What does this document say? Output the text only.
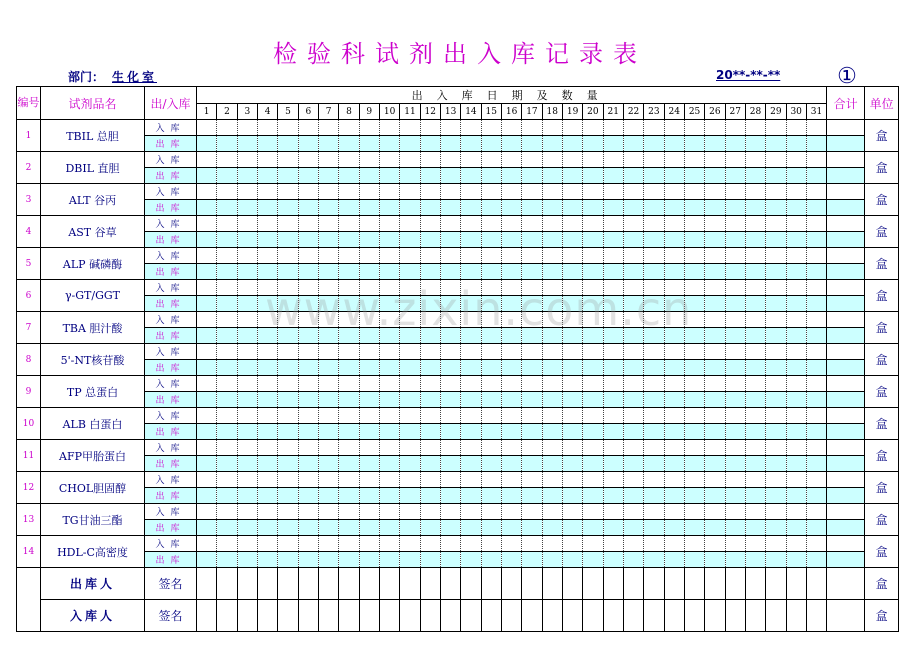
检验科试剂出入库记录表
部门： 生化室	20**-**-**	①
编号	试剂品名	出/入库	出入库日期及数量																															合计	单位
			1	2	3	4	5	6	7	8	9	10	11	12	13	14	15	16	17	18	19	20	21	22	23	24	25	26	27	28	29	30	31		
1	TBIL 总胆	入库																																	盒
		出库																																	
2	DBIL 直胆	入库																																	盒
		出库																																	
3	ALT 谷丙	入库																																	盒
		出库																																	
4	AST 谷草	入库																																	盒
		出库																																	
5	ALP 碱磷酶	入库																																	盒
		出库																																	
6	γ-GT/GGT	入库																																	盒
		出库																																	
7	TBA 胆汁酸	入库																																	盒
		出库																																	
8	5'-NT核苷酸	入库																																	盒
		出库																																	
9	TP 总蛋白	入库																																	盒
		出库																																	
10	ALB 白蛋白	入库																																	盒
		出库																																	
11	AFP甲胎蛋白	入库																																	盒
		出库																																	
12	CHOL胆固醇	入库																																	盒
		出库																																	
13	TG甘油三酯	入库																																	盒
		出库																																	
14	HDL-C高密度	入库																																	盒
		出库																																	
	出库人	签名																																	盒
	入库人	签名																																	盒
www.zixin.com.cn
